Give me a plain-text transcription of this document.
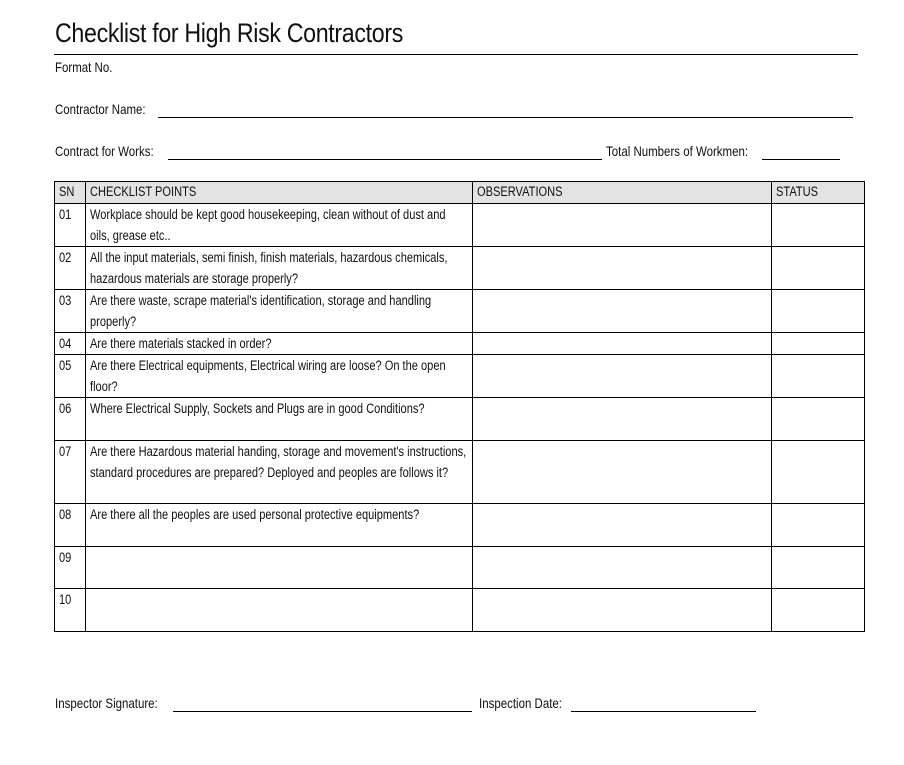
Checklist for High Risk Contractors
Format No.
Contractor Name:
Contract for Works:	Total Numbers of Workmen:
SN	CHECKLIST POINTS	OBSERVATIONS	STATUS
01	Workplace should be kept good housekeeping, clean without of dust and oils, grease etc..		
02	All the input materials, semi finish, finish materials, hazardous chemicals, hazardous materials are storage properly?		
03	Are there waste, scrape material's identification, storage and handling properly?		
04	Are there materials stacked in order?		
05	Are there Electrical equipments, Electrical wiring are loose? On the open floor?		
06	Where Electrical Supply, Sockets and Plugs are in good Conditions?		
07	Are there Hazardous material handing, storage and movement's instructions, standard procedures are prepared? Deployed and peoples are follows it?		
08	Are there all the peoples are used personal protective equipments?		
09			
10			
Inspector Signature:	Inspection Date:
